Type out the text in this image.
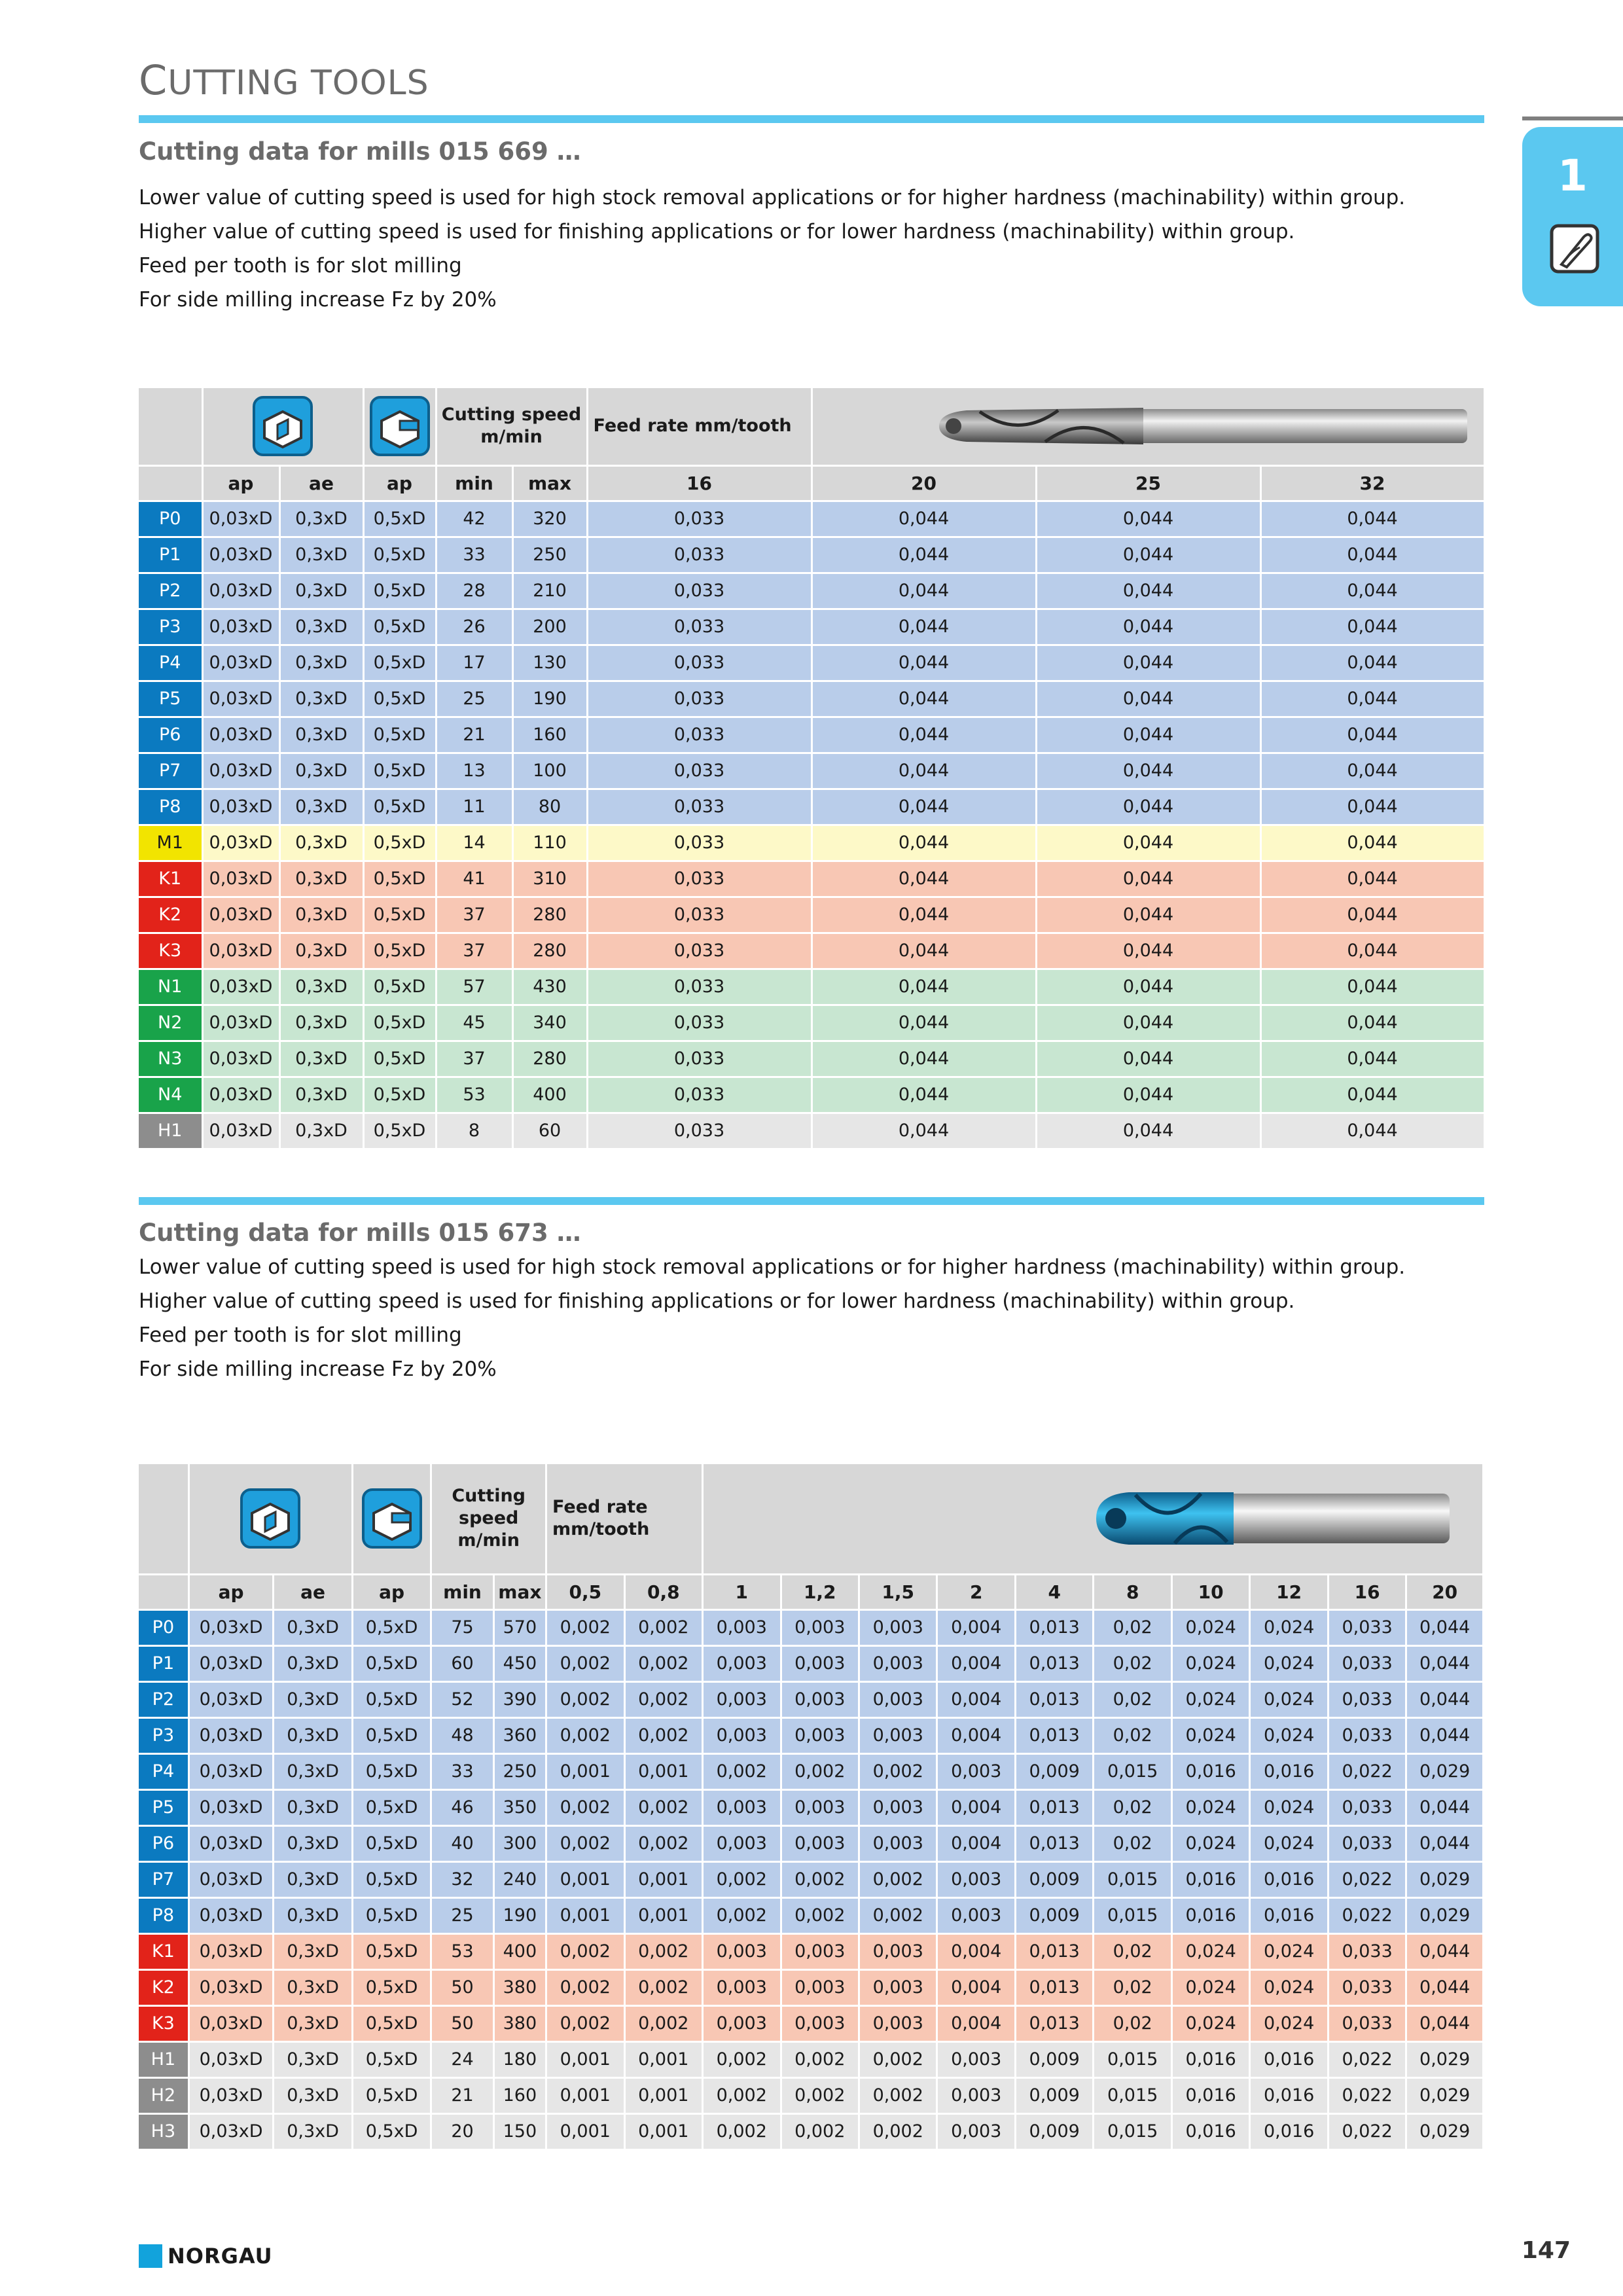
CUTTING TOOLS
1
Cutting data for mills 015 669 …
Lower value of cutting speed is used for high stock removal applications or for higher hardness (machinability) within group.
Higher value of cutting speed is used for finishing applications or for lower hardness (machinability) within group.
Feed per tooth is for slot milling
For side milling increase Fz by 20%

	Cutting speed m/min		Feed rate mm/tooth	

	ap	ae	ap	min	max	16	20	25	32
P0	0,03xD	0,3xD	0,5xD	42	320	0,033	0,044	0,044	0,044
P1	0,03xD	0,3xD	0,5xD	33	250	0,033	0,044	0,044	0,044
P2	0,03xD	0,3xD	0,5xD	28	210	0,033	0,044	0,044	0,044
P3	0,03xD	0,3xD	0,5xD	26	200	0,033	0,044	0,044	0,044
P4	0,03xD	0,3xD	0,5xD	17	130	0,033	0,044	0,044	0,044
P5	0,03xD	0,3xD	0,5xD	25	190	0,033	0,044	0,044	0,044
P6	0,03xD	0,3xD	0,5xD	21	160	0,033	0,044	0,044	0,044
P7	0,03xD	0,3xD	0,5xD	13	100	0,033	0,044	0,044	0,044
P8	0,03xD	0,3xD	0,5xD	11	80	0,033	0,044	0,044	0,044
M1	0,03xD	0,3xD	0,5xD	14	110	0,033	0,044	0,044	0,044
K1	0,03xD	0,3xD	0,5xD	41	310	0,033	0,044	0,044	0,044
K2	0,03xD	0,3xD	0,5xD	37	280	0,033	0,044	0,044	0,044
K3	0,03xD	0,3xD	0,5xD	37	280	0,033	0,044	0,044	0,044
N1	0,03xD	0,3xD	0,5xD	57	430	0,033	0,044	0,044	0,044
N2	0,03xD	0,3xD	0,5xD	45	340	0,033	0,044	0,044	0,044
N3	0,03xD	0,3xD	0,5xD	37	280	0,033	0,044	0,044	0,044
N4	0,03xD	0,3xD	0,5xD	53	400	0,033	0,044	0,044	0,044
H1	0,03xD	0,3xD	0,5xD	8	60	0,033	0,044	0,044	0,044
Cutting data for mills 015 673 …
Lower value of cutting speed is used for high stock removal applications or for higher hardness (machinability) within group.
Higher value of cutting speed is used for finishing applications or for lower hardness (machinability) within group.
Feed per tooth is for slot milling
For side milling increase Fz by 20%

	Cutting speed m/min		Feed rate mm/tooth	

	ap	ae	ap	min	max	0,5	0,8	1	1,2	1,5	2	4	8	10	12	16	20
P0	0,03xD	0,3xD	0,5xD	75	570	0,002	0,002	0,003	0,003	0,003	0,004	0,013	0,02	0,024	0,024	0,033	0,044
P1	0,03xD	0,3xD	0,5xD	60	450	0,002	0,002	0,003	0,003	0,003	0,004	0,013	0,02	0,024	0,024	0,033	0,044
P2	0,03xD	0,3xD	0,5xD	52	390	0,002	0,002	0,003	0,003	0,003	0,004	0,013	0,02	0,024	0,024	0,033	0,044
P3	0,03xD	0,3xD	0,5xD	48	360	0,002	0,002	0,003	0,003	0,003	0,004	0,013	0,02	0,024	0,024	0,033	0,044
P4	0,03xD	0,3xD	0,5xD	33	250	0,001	0,001	0,002	0,002	0,002	0,003	0,009	0,015	0,016	0,016	0,022	0,029
P5	0,03xD	0,3xD	0,5xD	46	350	0,002	0,002	0,003	0,003	0,003	0,004	0,013	0,02	0,024	0,024	0,033	0,044
P6	0,03xD	0,3xD	0,5xD	40	300	0,002	0,002	0,003	0,003	0,003	0,004	0,013	0,02	0,024	0,024	0,033	0,044
P7	0,03xD	0,3xD	0,5xD	32	240	0,001	0,001	0,002	0,002	0,002	0,003	0,009	0,015	0,016	0,016	0,022	0,029
P8	0,03xD	0,3xD	0,5xD	25	190	0,001	0,001	0,002	0,002	0,002	0,003	0,009	0,015	0,016	0,016	0,022	0,029
K1	0,03xD	0,3xD	0,5xD	53	400	0,002	0,002	0,003	0,003	0,003	0,004	0,013	0,02	0,024	0,024	0,033	0,044
K2	0,03xD	0,3xD	0,5xD	50	380	0,002	0,002	0,003	0,003	0,003	0,004	0,013	0,02	0,024	0,024	0,033	0,044
K3	0,03xD	0,3xD	0,5xD	50	380	0,002	0,002	0,003	0,003	0,003	0,004	0,013	0,02	0,024	0,024	0,033	0,044
H1	0,03xD	0,3xD	0,5xD	24	180	0,001	0,001	0,002	0,002	0,002	0,003	0,009	0,015	0,016	0,016	0,022	0,029
H2	0,03xD	0,3xD	0,5xD	21	160	0,001	0,001	0,002	0,002	0,002	0,003	0,009	0,015	0,016	0,016	0,022	0,029
H3	0,03xD	0,3xD	0,5xD	20	150	0,001	0,001	0,002	0,002	0,002	0,003	0,009	0,015	0,016	0,016	0,022	0,029
NORGAU	147
